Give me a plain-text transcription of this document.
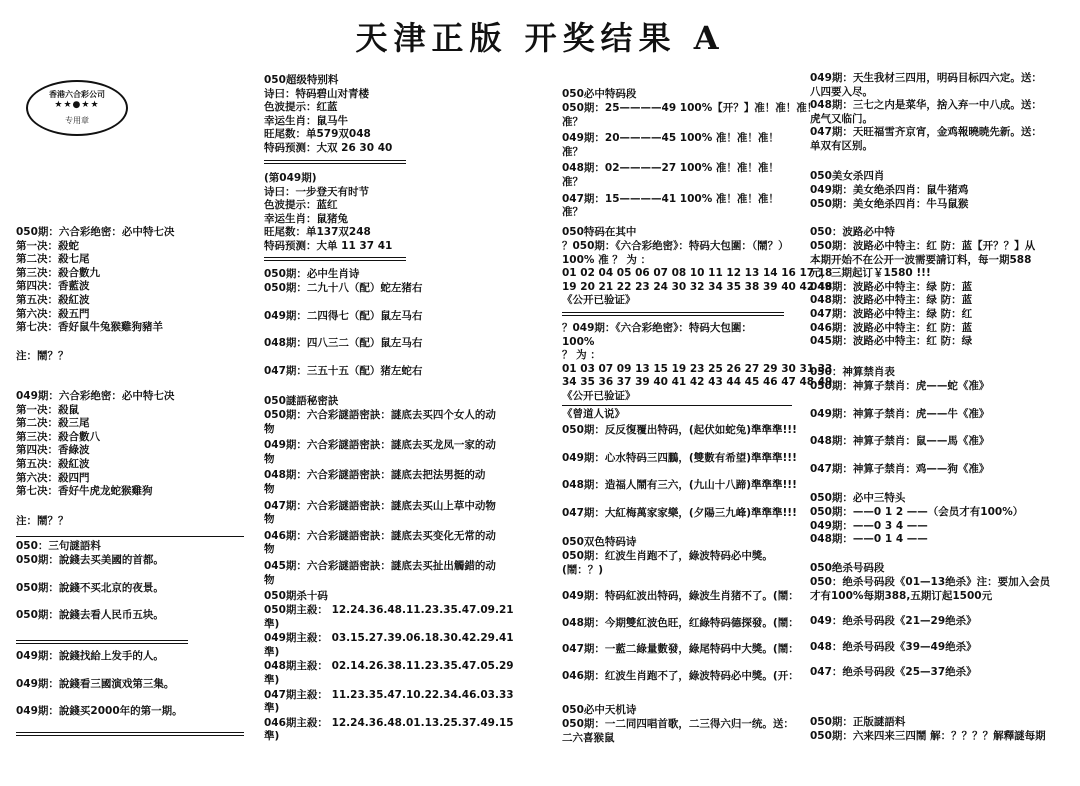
天津正版 开奖结果 A
香港六合彩公司
★★●★★
专用章
050期：六合彩绝密：必中特七决
第一决：殺蛇
第二决：殺七尾
第三决：殺合數九
第四决：香藍波
第五决：殺紅波
第六决：殺五門
第七决：香好鼠牛兔猴雞狗豬羊
注：鬧？？
049期：六合彩绝密：必中特七决
第一决：殺鼠
第二决：殺三尾
第三决：殺合數八
第四决：香綠波
第五决：殺紅波
第六决：殺四門
第七决：香好牛虎龙蛇猴雞狗
注：鬧？？
050：三句謎語料
050期：說錢去买美國的首都。
050期：說錢不买北京的夜景。
050期：說錢去看人民币五块。
049期：說錢找給上发手的人。
049期：說錢看三國演戏第三集。
049期：說錢买2000年的第一期。
050超级特别料
诗曰：特码碧山对青楼
色波提示：红蓝
幸运生肖：鼠马牛
旺尾数：单579双048
特码预测：大双 26 30 40
(第049期)
诗曰：一步登天有时节
色波提示：蓝红
幸运生肖：鼠猪兔
旺尾数：单137双248
特码预测：大单 11 37 41
050期：必中生肖诗
050期：二九十八（配）蛇左猪右
049期：二四得七（配）鼠左马右
048期：四八三二（配）鼠左马右
047期：三五十五（配）猪左蛇右
050謎語秘密訣
050期：六合彩謎語密訣：謎底去买四个女人的动
物
049期：六合彩謎語密訣：謎底去买龙凤一家的动
物
048期：六合彩謎語密訣：謎底去把法男挺的动
物
047期：六合彩謎語密訣：謎底去买山上草中动物
物
046期：六合彩謎語密訣：謎底去买变化无常的动
物
045期：六合彩謎語密訣：謎底去买扯出觸錯的动
物
050期杀十码
050期主殺： 12.24.36.48.11.23.35.47.09.21
準)
049期主殺： 03.15.27.39.06.18.30.42.29.41
準)
048期主殺： 02.14.26.38.11.23.35.47.05.29
準)
047期主殺： 11.23.35.47.10.22.34.46.03.33
準)
046期主殺： 12.24.36.48.01.13.25.37.49.15
準)
050必中特码段
050期：25————49 100%【开？】准！准！准！
准？
049期：20————45 100% 准！准！准！
准？
048期：02————27 100% 准！准！准！
准？
047期：15————41 100% 准！准！准！
准？
050特码在其中
？050期：《六合彩绝密》：特码大包圍：（鬧？）
100% 准 ？ 为 ：
01 02 04 05 06 07 08 10 11 12 13 14 16 17 18
19 20 21 22 23 24 30 32 34 35 38 39 40 42 48
《公开已验证》
？049期：《六合彩绝密》：特码大包圍：
100%
？ 为 ：
01 03 07 09 13 15 19 23 25 26 27 29 30 31 33
34 35 36 37 39 40 41 42 43 44 45 46 47 48 49
《公开已验证》
《曾道人说》
050期：反反復覆出特码，(起伏如蛇兔)準準準!!!
049期：心水特码三四鵬，(雙數有希望)準準準!!!
048期：造福人鬧有三六，(九山十八蹄)準準準!!!
047期：大紅梅萬家家樂，(夕陽三九峰)準準準!!!
050双色特码诗
050期：红波生肖跑不了，綠波特码必中獎。
(鬧：？)
049期：特码紅波出特码，綠波生肖猪不了。(鬧：
048期：今期雙紅波色旺，红綠特码德探發。(鬧：
047期：一藍二綠量數發，綠尾特码中大獎。(鬧：
046期：红波生肖跑不了，綠波特码必中獎。(开：
050必中天机诗
050期：一二同四唱首歌，二三得六归一统。送：
二六喜猴鼠
049期：天生我材三四用，明码目标四六定。送：
八四要入尽。
048期：三七之内是菜华，捨入弃一中八成。送：
虎气又临门。
047期：天旺福雪齐京宵，金鸡報曉暁先新。送：
单双有区别。
050美女杀四肖
049期：美女绝杀四肖：鼠牛猪鸡
050期：美女绝杀四肖：牛马鼠猴
050：波路必中特
050期：波路必中特主：红 防：蓝【开？？】从
本期开始不在公开一波需要請订料，每一期588
元，三期起订￥1580 !!!
049期：波路必中特主：绿 防：蓝
048期：波路必中特主：绿 防：蓝
047期：波路必中特主：绿 防：红
046期：波路必中特主：红 防：蓝
045期：波路必中特主：红 防：绿
050：神算禁肖表
050期：神算子禁肖：虎——蛇《准》
049期：神算子禁肖：虎——牛《准》
048期：神算子禁肖：鼠——馬《准》
047期：神算子禁肖：鸡——狗《准》
050期：必中三特头
050期：——0 1 2 ——（会员才有100%）
049期：——0 3 4 ——
048期：——0 1 4 ——
050绝杀号码段
050：绝杀号码段《01—13绝杀》注：要加入会员
才有100%每期388,五期订起1500元
049：绝杀号码段《21—29绝杀》
048：绝杀号码段《39—49绝杀》
047：绝杀号码段《25—37绝杀》
050期：正版謎語料
050期：六来四来三四鬧 解：？？？？解釋謎每期
